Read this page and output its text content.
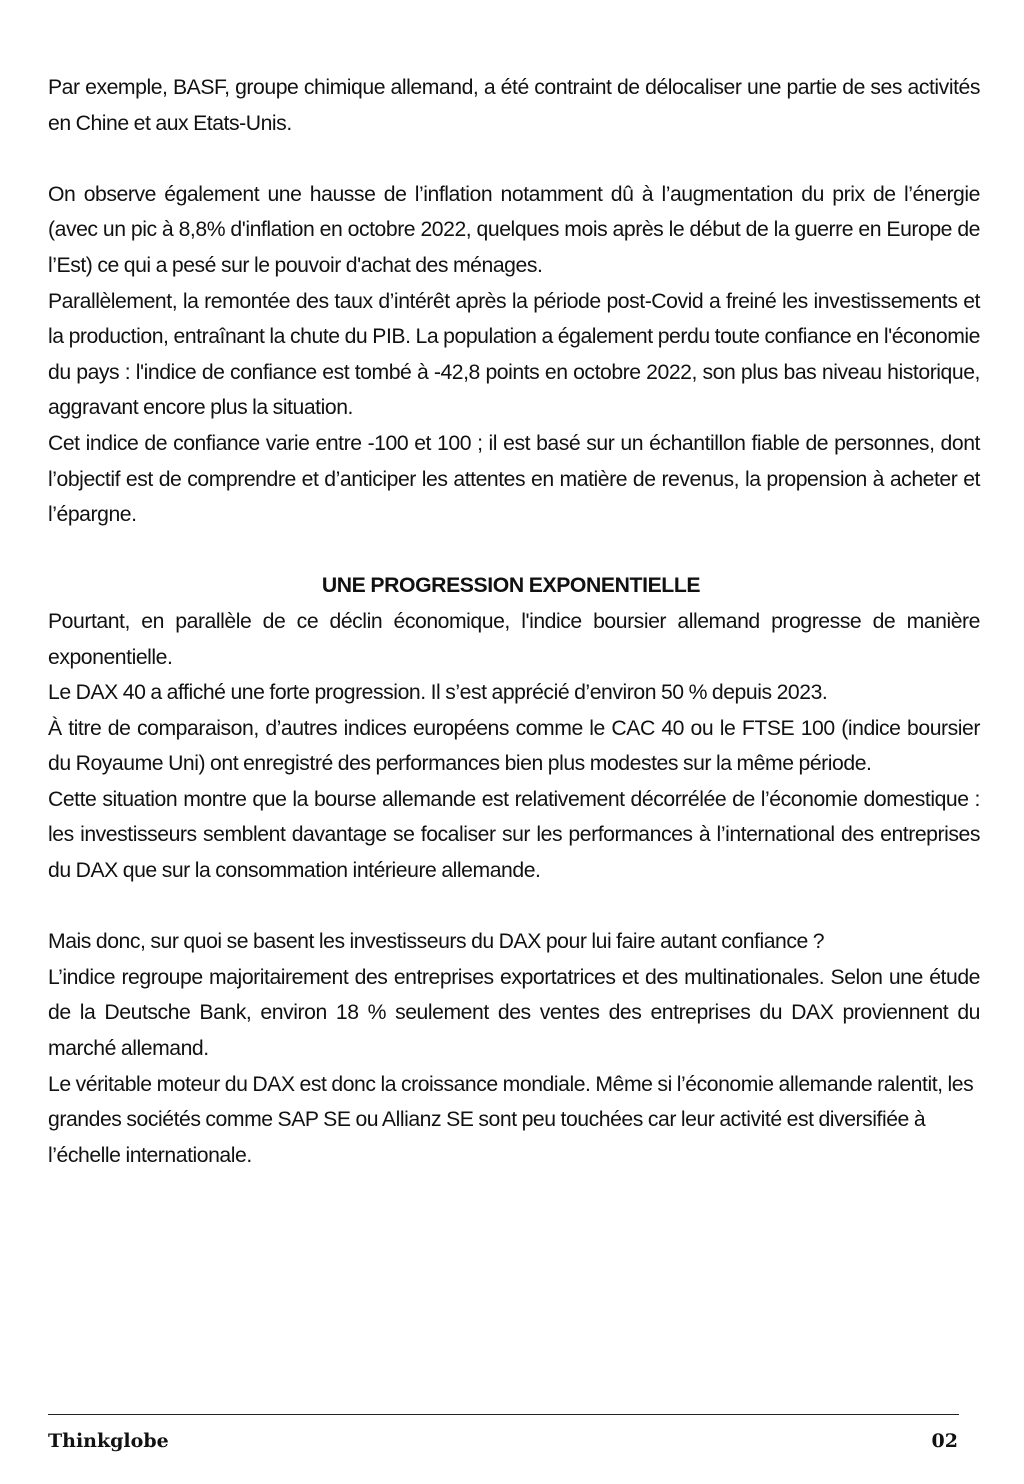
Par exemple, BASF, groupe chimique allemand, a été contraint de délocaliser une partie de ses activités en Chine et aux Etats-Unis.

On observe également une hausse de l’inflation notamment dû à l’augmentation du prix de l’énergie (avec un pic à 8,8% d'inflation en octobre 2022, quelques mois après le début de la guerre en Europe de l’Est) ce qui a pesé sur le pouvoir d'achat des ménages.

Parallèlement, la remontée des taux d’intérêt après la période post-Covid a freiné les investissements et la production, entraînant la chute du PIB. La population a également perdu toute confiance en l'économie du pays : l'indice de confiance est tombé à -42,8 points en octobre 2022, son plus bas niveau historique, aggravant encore plus la situation.

Cet indice de confiance varie entre -100 et 100 ; il est basé sur un échantillon fiable de personnes, dont l’objectif est de comprendre et d’anticiper les attentes en matière de revenus, la propension à acheter et l’épargne.

UNE PROGRESSION EXPONENTIELLE

Pourtant, en parallèle de ce déclin économique, l'indice boursier allemand progresse de manière exponentielle.

Le DAX 40 a affiché une forte progression. Il s’est apprécié d’environ 50 % depuis 2023.

À titre de comparaison, d’autres indices européens comme le CAC 40 ou le FTSE 100 (indice boursier du Royaume Uni) ont enregistré des performances bien plus modestes sur la même période.

Cette situation montre que la bourse allemande est relativement décorrélée de l’économie domestique : les investisseurs semblent davantage se focaliser sur les performances à l’international des entreprises du DAX que sur la consommation intérieure allemande.

Mais donc, sur quoi se basent les investisseurs du DAX pour lui faire autant confiance ?

L’indice regroupe majoritairement des entreprises exportatrices et des multinationales. Selon une étude de la Deutsche Bank, environ 18 % seulement des ventes des entreprises du DAX proviennent du marché allemand.

Le véritable moteur du DAX est donc la croissance mondiale. Même si l’économie allemande ralentit, les grandes sociétés comme SAP SE ou Allianz SE sont peu touchées car leur activité est diversifiée à l’échelle internationale.

Thinkglobe	02
